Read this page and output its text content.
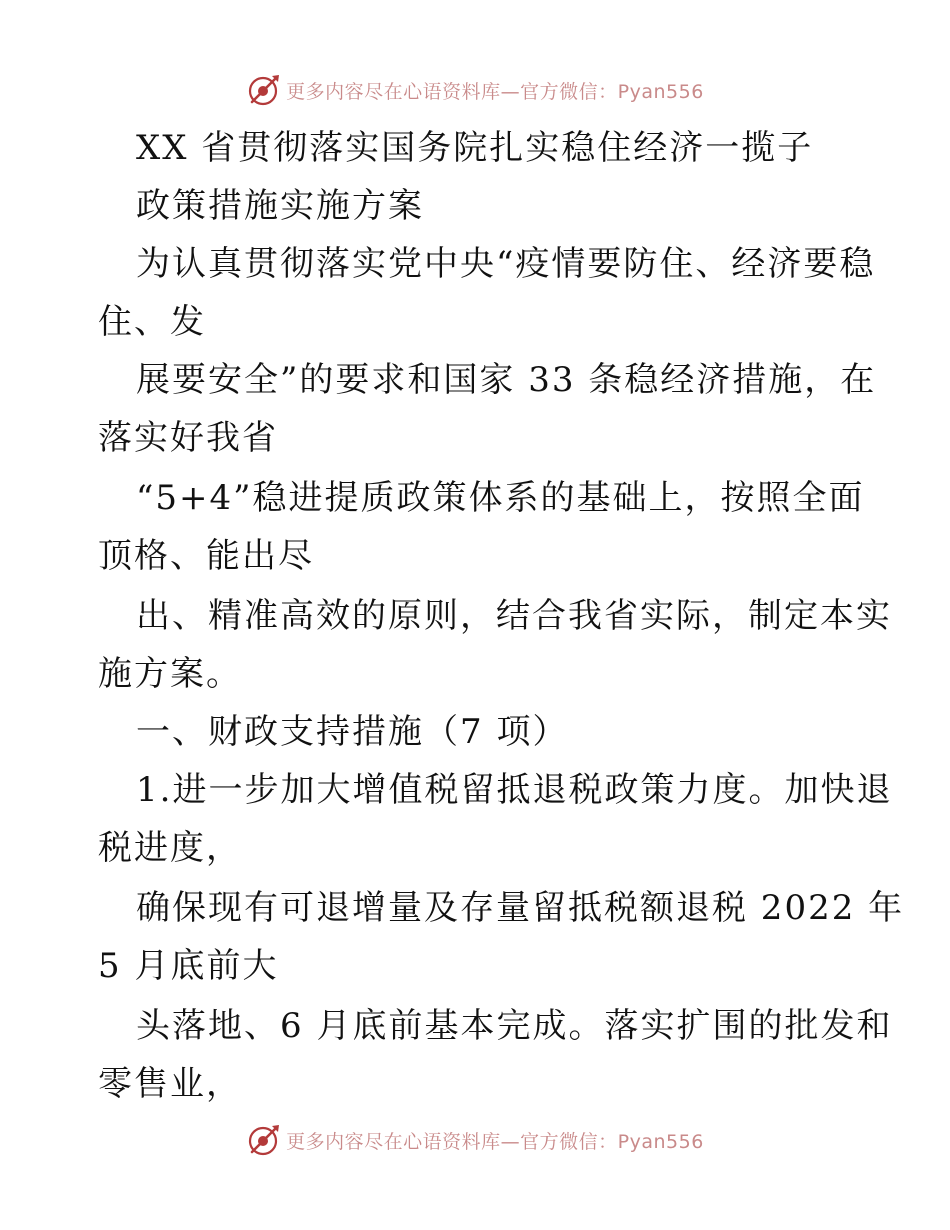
更多内容尽在心语资料库—官方微信：Pyan556
XX 省贯彻落实国务院扎实稳住经济一揽子
政策措施实施方案
为认真贯彻落实党中央“疫情要防住、经济要稳
住、发
展要安全”的要求和国家 33 条稳经济措施，在
落实好我省
“5+4”稳进提质政策体系的基础上，按照全面
顶格、能出尽
出、精准高效的原则，结合我省实际，制定本实
施方案。
一、财政支持措施（7 项）
1.进一步加大增值税留抵退税政策力度。加快退
税进度，
确保现有可退增量及存量留抵税额退税 2022 年
5 月底前大
头落地、6 月底前基本完成。落实扩围的批发和
零售业，
更多内容尽在心语资料库—官方微信：Pyan556
